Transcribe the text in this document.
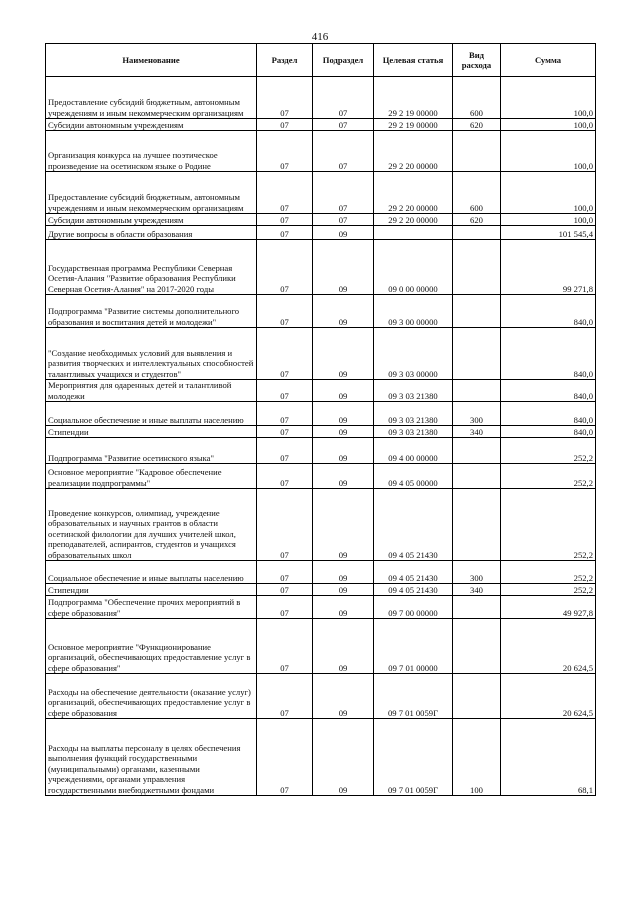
416
Наименование	Раздел	Подраздел	Целевая статья	Вид расхода	Сумма
Предоставление субсидий бюджетным, автономным учреждениям и иным некоммерческим организациям	07	07	29 2 19 00000	600	100,0
Субсидии автономным учреждениям	07	07	29 2 19 00000	620	100,0
Организация конкурса на лучшее поэтическое произведение на осетинском языке о Родине	07	07	29 2 20 00000		100,0
Предоставление субсидий бюджетным, автономным учреждениям и иным некоммерческим организациям	07	07	29 2 20 00000	600	100,0
Субсидии автономным учреждениям	07	07	29 2 20 00000	620	100,0
Другие вопросы в области образования	07	09			101 545,4
Государственная программа Республики Северная Осетия-Алания "Развитие образования Республики Северная Осетия-Алания" на 2017-2020 годы	07	09	09 0 00 00000		99 271,8
Подпрограмма "Развитие системы дополнительного образования и воспитания детей и молодежи"	07	09	09 3 00 00000		840,0
"Создание необходимых условий для выявления и развития творческих и интеллектуальных способностей талантливых учащихся и студентов"	07	09	09 3 03 00000		840,0
Мероприятия для одаренных детей и талантливой молодежи	07	09	09 3 03 21380		840,0
Социальное обеспечение и иные выплаты населению	07	09	09 3 03 21380	300	840,0
Стипендии	07	09	09 3 03 21380	340	840,0
Подпрограмма "Развитие осетинского языка"	07	09	09 4 00 00000		252,2
Основное мероприятие "Кадровое обеспечение реализации подпрограммы"	07	09	09 4 05 00000		252,2
Проведение конкурсов, олимпиад, учреждение образовательных и научных грантов в области осетинской филологии для лучших учителей школ, преподавателей, аспирантов, студентов и учащихся образовательных школ	07	09	09 4 05 21430		252,2
Социальное обеспечение и иные выплаты населению	07	09	09 4 05 21430	300	252,2
Стипендии	07	09	09 4 05 21430	340	252,2
Подпрограмма "Обеспечение прочих мероприятий в сфере образования"	07	09	09 7 00 00000		49 927,8
Основное мероприятие "Функционирование организаций, обеспечивающих предоставление услуг в сфере образования"	07	09	09 7 01 00000		20 624,5
Расходы на обеспечение деятельности (оказание услуг) организаций, обеспечивающих предоставление услуг в сфере образования	07	09	09 7 01 0059Г		20 624,5
Расходы на выплаты персоналу в целях обеспечения выполнения функций государственными (муниципальными) органами, казенными учреждениями, органами управления государственными внебюджетными фондами	07	09	09 7 01 0059Г	100	68,1
